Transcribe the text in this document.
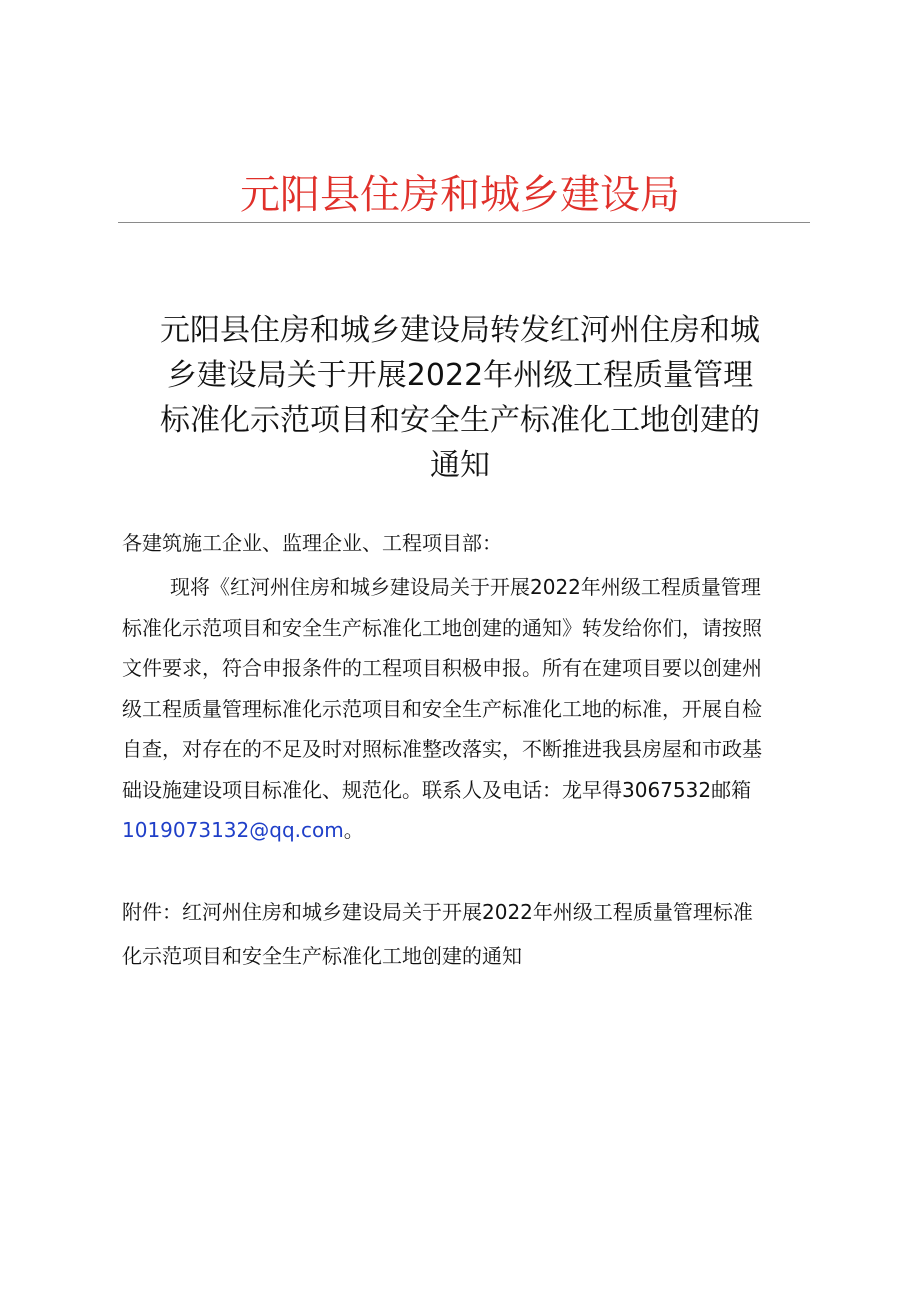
元阳县住房和城乡建设局
元阳县住房和城乡建设局转发红河州住房和城
乡建设局关于开展2022年州级工程质量管理
标准化示范项目和安全生产标准化工地创建的
通知

各建筑施工企业、监理企业、工程项目部：

现将《红河州住房和城乡建设局关于开展2022年州级工程质量管理
标准化示范项目和安全生产标准化工地创建的通知》转发给你们，请按照
文件要求，符合申报条件的工程项目积极申报。所有在建项目要以创建州
级工程质量管理标准化示范项目和安全生产标准化工地的标准，开展自检
自查，对存在的不足及时对照标准整改落实，不断推进我县房屋和市政基
础设施建设项目标准化、规范化。联系人及电话：龙早得3067532邮箱
1019073132@qq.com。
附件：红河州住房和城乡建设局关于开展2022年州级工程质量管理标准
化示范项目和安全生产标准化工地创建的通知
